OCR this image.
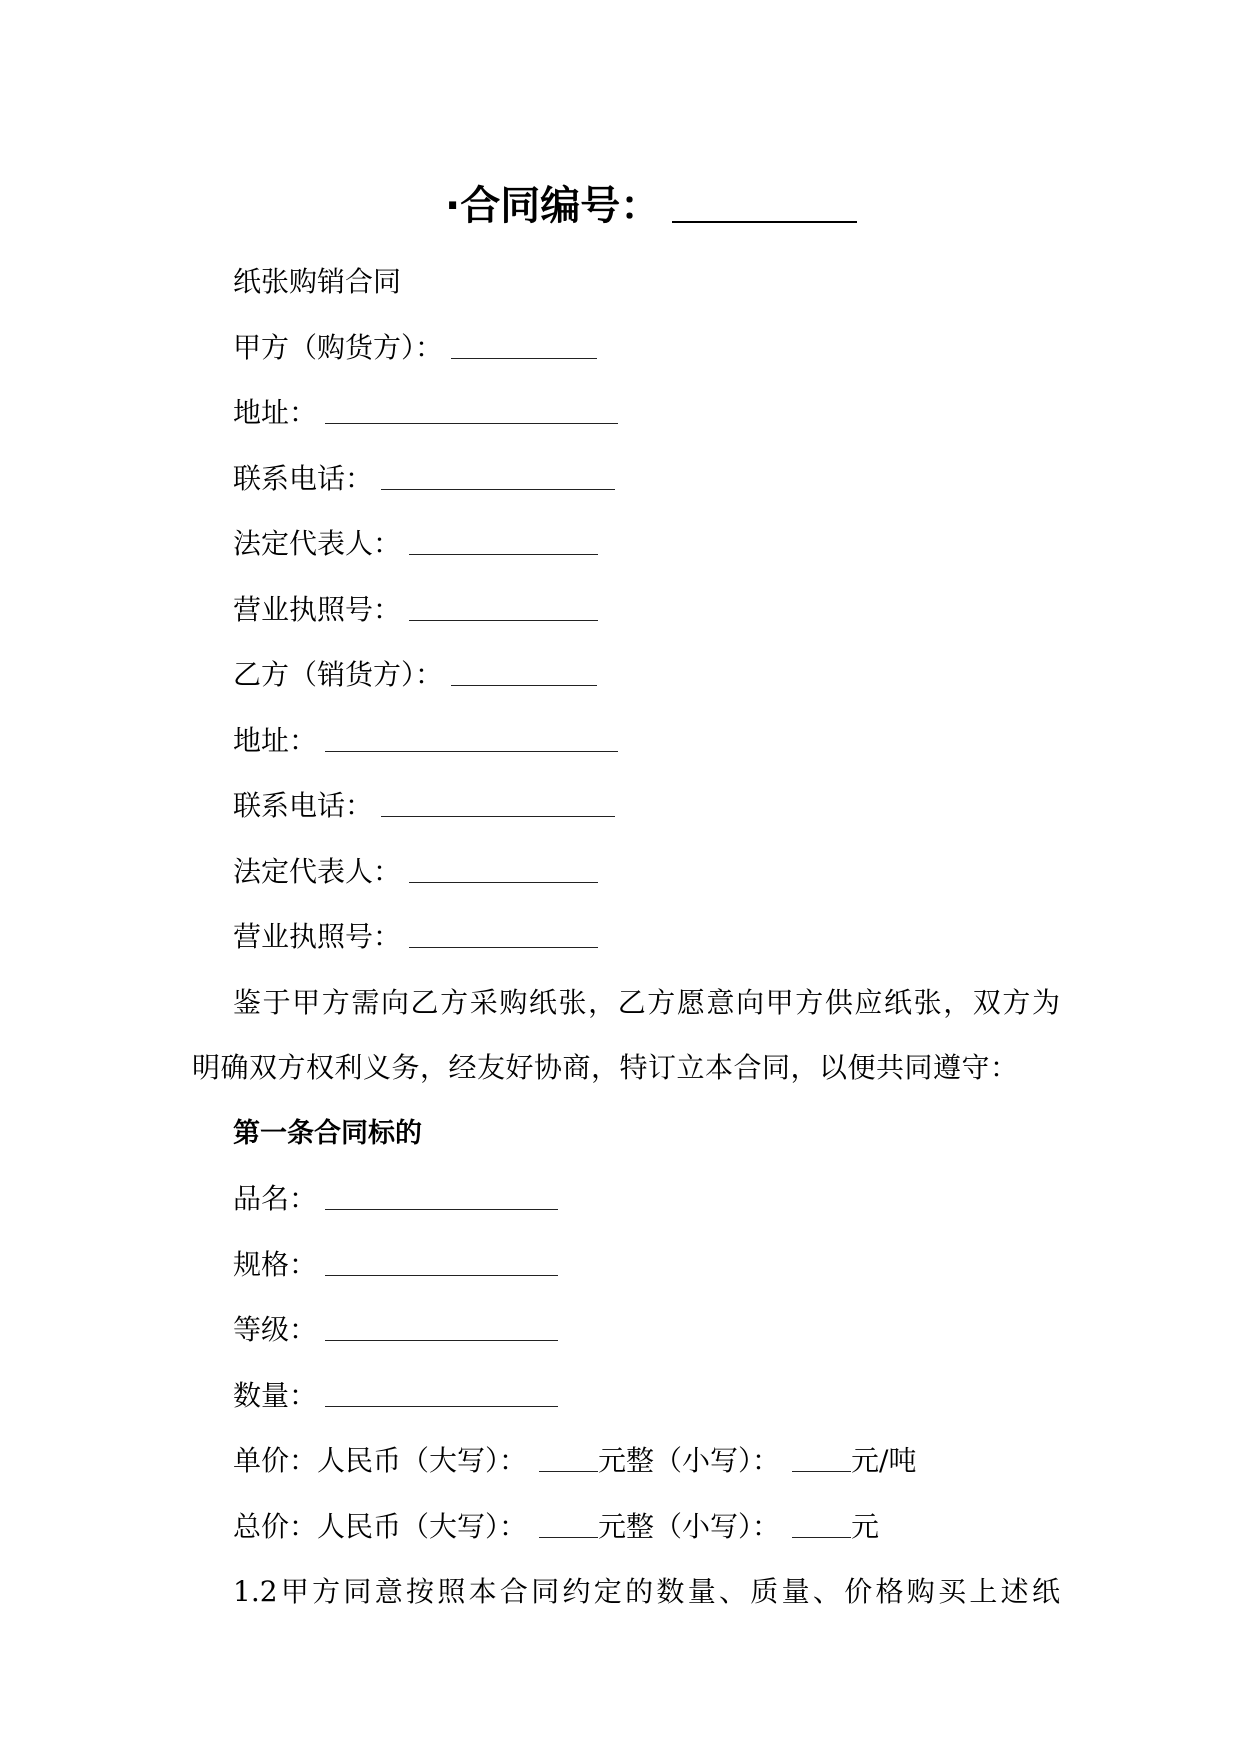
·合同编号：
纸张购销合同
甲方（购货方）：
地址：
联系电话：
法定代表人：
营业执照号：
乙方（销货方）：
地址：
联系电话：
法定代表人：
营业执照号：
鉴于甲方需向乙方采购纸张，乙方愿意向甲方供应纸张，双方为
明确双方权利义务，经友好协商，特订立本合同，以便共同遵守：
第一条合同标的
品名：
规格：
等级：
数量：
单价：人民币（大写）：	元整（小写）：	元/吨
总价：人民币（大写）：	元整（小写）：	元
1.2甲方同意按照本合同约定的数量、质量、价格购买上述纸
